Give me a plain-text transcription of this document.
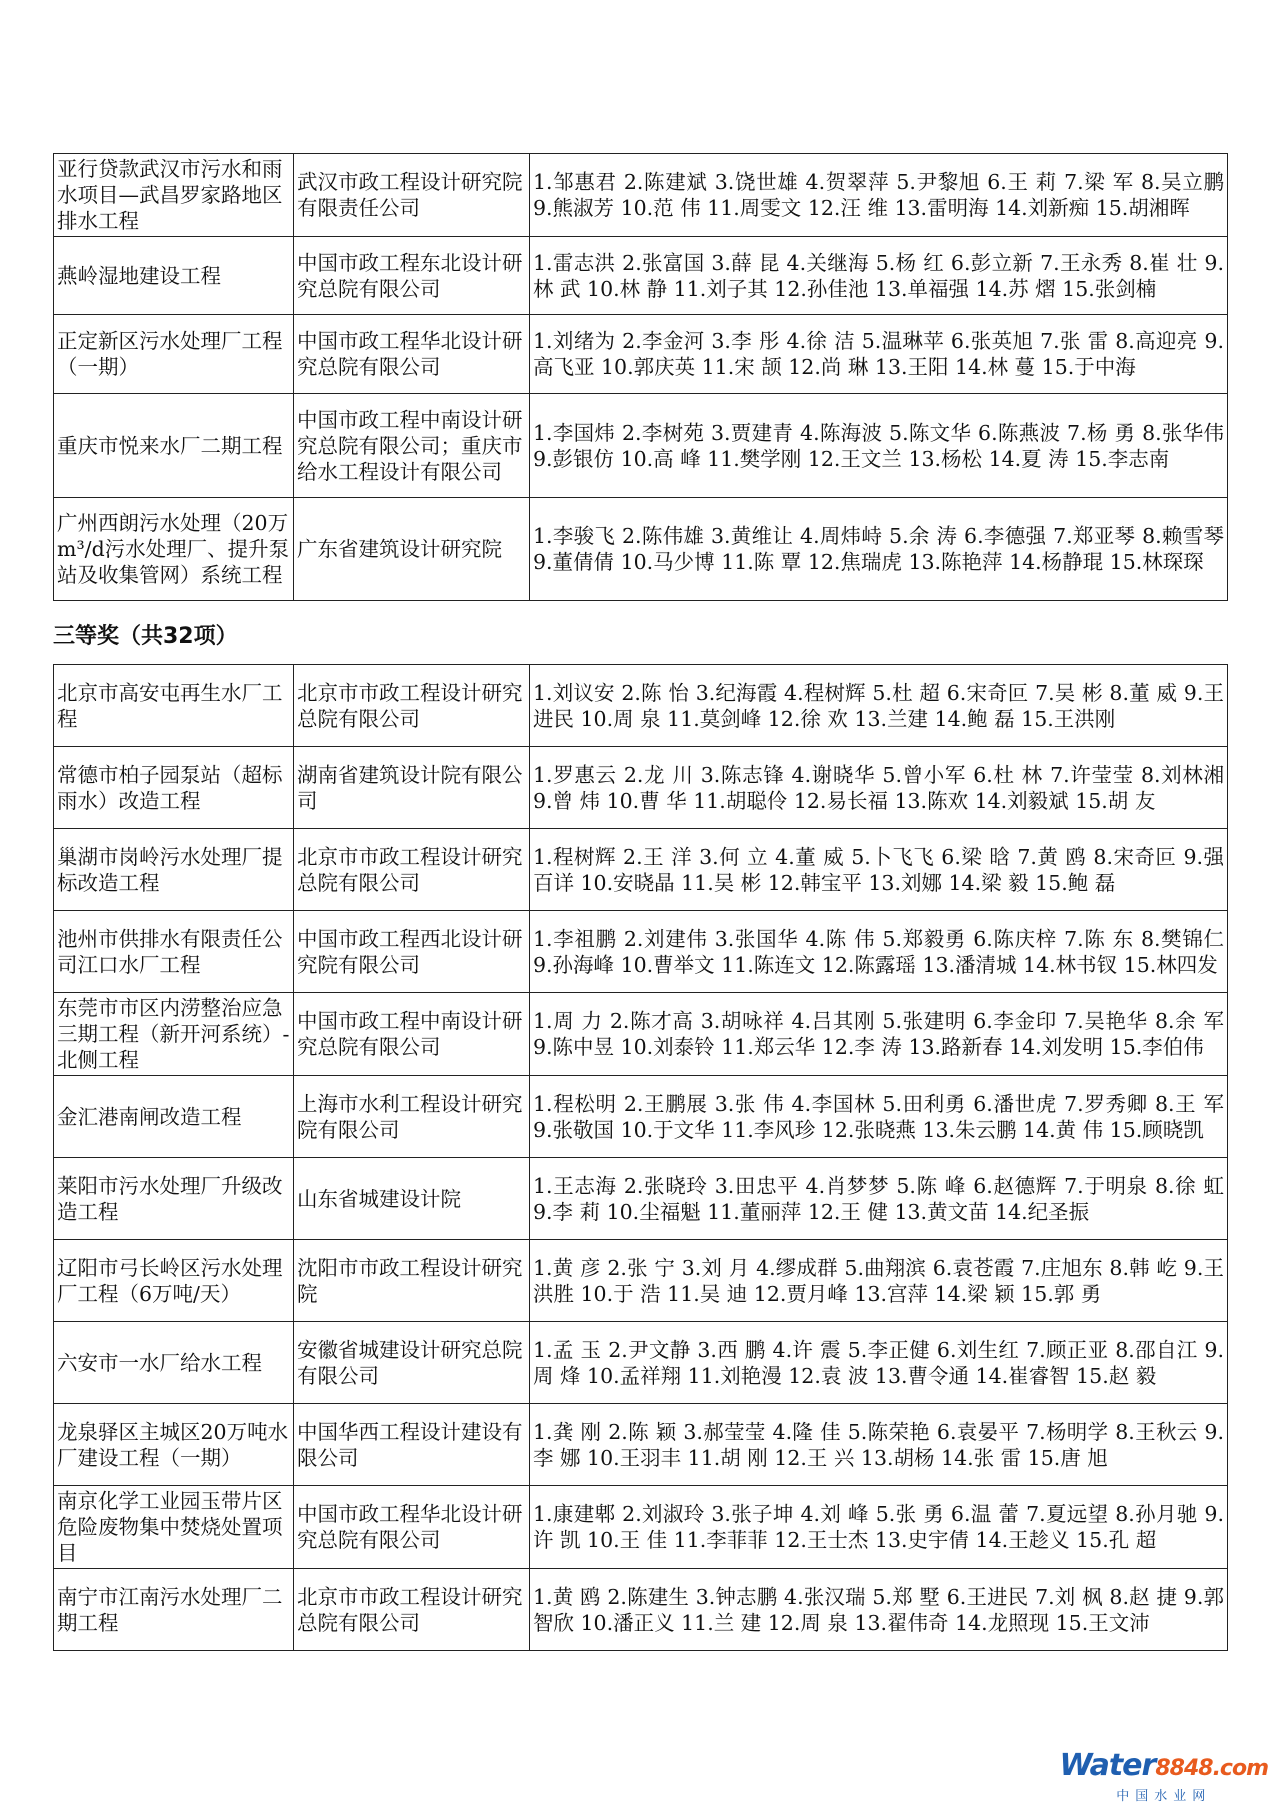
亚行贷款武汉市污水和雨水项目—武昌罗家路地区排水工程	武汉市政工程设计研究院有限责任公司	1.邹惠君 2.陈建斌 3.饶世雄 4.贺翠萍 5.尹黎旭 6.王 莉 7.梁 军 8.吴立鹏 9.熊淑芳 10.范 伟 11.周雯文 12.汪 维 13.雷明海 14.刘新痴 15.胡湘晖
燕岭湿地建设工程	中国市政工程东北设计研究总院有限公司	1.雷志洪 2.张富国 3.薛 昆 4.关继海 5.杨 红 6.彭立新 7.王永秀 8.崔 壮 9.林 武 10.林 静 11.刘子其 12.孙佳池 13.单福强 14.苏 熠 15.张剑楠
正定新区污水处理厂工程（一期）	中国市政工程华北设计研究总院有限公司	1.刘绪为 2.李金河 3.李 彤 4.徐 洁 5.温琳苹 6.张英旭 7.张 雷 8.高迎亮 9.高飞亚 10.郭庆英 11.宋 颉 12.尚 琳 13.王阳 14.林 蔓 15.于中海
重庆市悦来水厂二期工程	中国市政工程中南设计研究总院有限公司；重庆市给水工程设计有限公司	1.李国炜 2.李树苑 3.贾建青 4.陈海波 5.陈文华 6.陈燕波 7.杨 勇 8.张华伟 9.彭银仿 10.高 峰 11.樊学刚 12.王文兰 13.杨松 14.夏 涛 15.李志南
广州西朗污水处理（20万m³/d污水处理厂、提升泵站及收集管网）系统工程	广东省建筑设计研究院	1.李骏飞 2.陈伟雄 3.黄维让 4.周炜峙 5.余 涛 6.李德强 7.郑亚琴 8.赖雪琴 9.董倩倩 10.马少博 11.陈 覃 12.焦瑞虎 13.陈艳萍 14.杨静琨 15.林琛琛
三等奖（共32项）
北京市高安屯再生水厂工程	北京市市政工程设计研究总院有限公司	1.刘议安 2.陈 怡 3.纪海霞 4.程树辉 5.杜 超 6.宋奇叵 7.吴 彬 8.董 威 9.王进民 10.周 泉 11.莫剑峰 12.徐 欢 13.兰建 14.鲍 磊 15.王洪刚
常德市柏子园泵站（超标雨水）改造工程	湖南省建筑设计院有限公司	1.罗惠云 2.龙 川 3.陈志锋 4.谢晓华 5.曾小军 6.杜 林 7.许莹莹 8.刘林湘 9.曾 炜 10.曹 华 11.胡聪伶 12.易长福 13.陈欢 14.刘毅斌 15.胡 友
巢湖市岗岭污水处理厂提标改造工程	北京市市政工程设计研究总院有限公司	1.程树辉 2.王 洋 3.何 立 4.董 威 5.卜飞飞 6.梁 晗 7.黄 鸥 8.宋奇叵 9.强百详 10.安晓晶 11.吴 彬 12.韩宝平 13.刘娜 14.梁 毅 15.鲍 磊
池州市供排水有限责任公司江口水厂工程	中国市政工程西北设计研究院有限公司	1.李祖鹏 2.刘建伟 3.张国华 4.陈 伟 5.郑毅勇 6.陈庆梓 7.陈 东 8.樊锦仁 9.孙海峰 10.曹举文 11.陈连文 12.陈露瑶 13.潘清城 14.林书钗 15.林四发
东莞市市区内涝整治应急三期工程（新开河系统）-北侧工程	中国市政工程中南设计研究总院有限公司	1.周 力 2.陈才高 3.胡咏祥 4.吕其刚 5.张建明 6.李金印 7.吴艳华 8.余 军 9.陈中昱 10.刘泰铃 11.郑云华 12.李 涛 13.路新春 14.刘发明 15.李伯伟
金汇港南闸改造工程	上海市水利工程设计研究院有限公司	1.程松明 2.王鹏展 3.张 伟 4.李国林 5.田利勇 6.潘世虎 7.罗秀卿 8.王 军 9.张敬国 10.于文华 11.李风珍 12.张晓燕 13.朱云鹏 14.黄 伟 15.顾晓凯
莱阳市污水处理厂升级改造工程	山东省城建设计院	1.王志海 2.张晓玲 3.田忠平 4.肖梦梦 5.陈 峰 6.赵德辉 7.于明泉 8.徐 虹 9.李 莉 10.尘福魁 11.董丽萍 12.王 健 13.黄文苗 14.纪圣振
辽阳市弓长岭区污水处理厂工程（6万吨/天）	沈阳市市政工程设计研究院	1.黄 彦 2.张 宁 3.刘 月 4.缪成群 5.曲翔滨 6.袁苍霞 7.庄旭东 8.韩 屹 9.王洪胜 10.于 浩 11.吴 迪 12.贾月峰 13.宫萍 14.梁 颖 15.郭 勇
六安市一水厂给水工程	安徽省城建设计研究总院有限公司	1.孟 玉 2.尹文静 3.西 鹏 4.许 震 5.李正健 6.刘生红 7.顾正亚 8.邵自江 9.周 烽 10.孟祥翔 11.刘艳漫 12.袁 波 13.曹令通 14.崔睿智 15.赵 毅
龙泉驿区主城区20万吨水厂建设工程（一期）	中国华西工程设计建设有限公司	1.龚 刚 2.陈 颖 3.郝莹莹 4.隆 佳 5.陈荣艳 6.袁晏平 7.杨明学 8.王秋云 9.李 娜 10.王羽丰 11.胡 刚 12.王 兴 13.胡杨 14.张 雷 15.唐 旭
南京化学工业园玉带片区危险废物集中焚烧处置项目	中国市政工程华北设计研究总院有限公司	1.康建郫 2.刘淑玲 3.张子坤 4.刘 峰 5.张 勇 6.温 蕾 7.夏远望 8.孙月驰 9.许 凯 10.王 佳 11.李菲菲 12.王士杰 13.史宇倩 14.王趁义 15.孔 超
南宁市江南污水处理厂二期工程	北京市市政工程设计研究总院有限公司	1.黄 鸥 2.陈建生 3.钟志鹏 4.张汉瑞 5.郑 墅 6.王进民 7.刘 枫 8.赵 捷 9.郭智欣 10.潘正义 11.兰 建 12.周 泉 13.翟伟奇 14.龙照现 15.王文沛
Water8848.com
中国水业网
